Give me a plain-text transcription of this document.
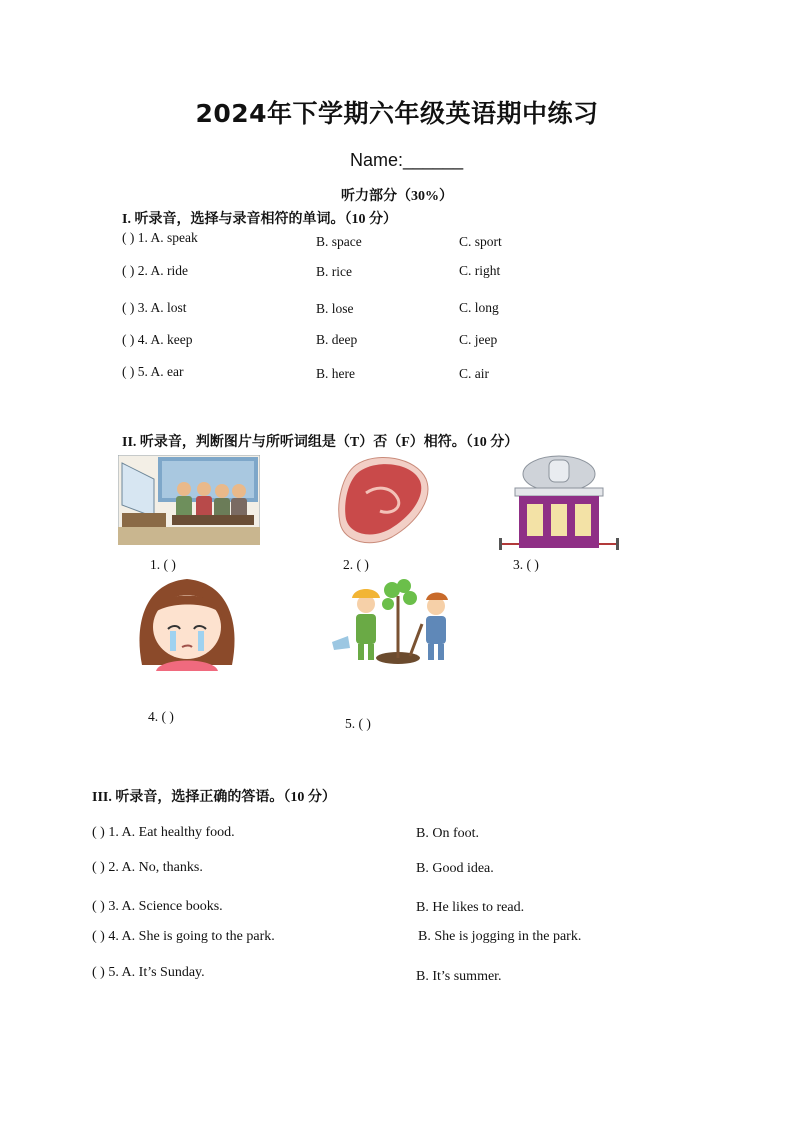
2024年下学期六年级英语期中练习
Name:______
听力部分（30%）
I. 听录音，选择与录音相符的单词。（10 分）
( ) 1. A. speak	B. space	C. sport
( ) 2. A. ride	B. rice	C. right
( ) 3. A. lost	B. lose	C. long
( ) 4. A. keep	B. deep	C. jeep
( ) 5. A. ear	B. here	C. air
II. 听录音，判断图片与所听词组是（T）否（F）相符。（10 分）
1. ( )	2. ( )	3. ( )
4. ( )	5. ( )
III. 听录音，选择正确的答语。（10 分）
( ) 1. A. Eat healthy food.	B. On foot.
( ) 2. A. No, thanks.	B. Good idea.
( ) 3. A. Science books.	B. He likes to read.
( ) 4. A. She is going to the park.	B. She is jogging in the park.
( ) 5. A. It’s Sunday.	B. It’s summer.
